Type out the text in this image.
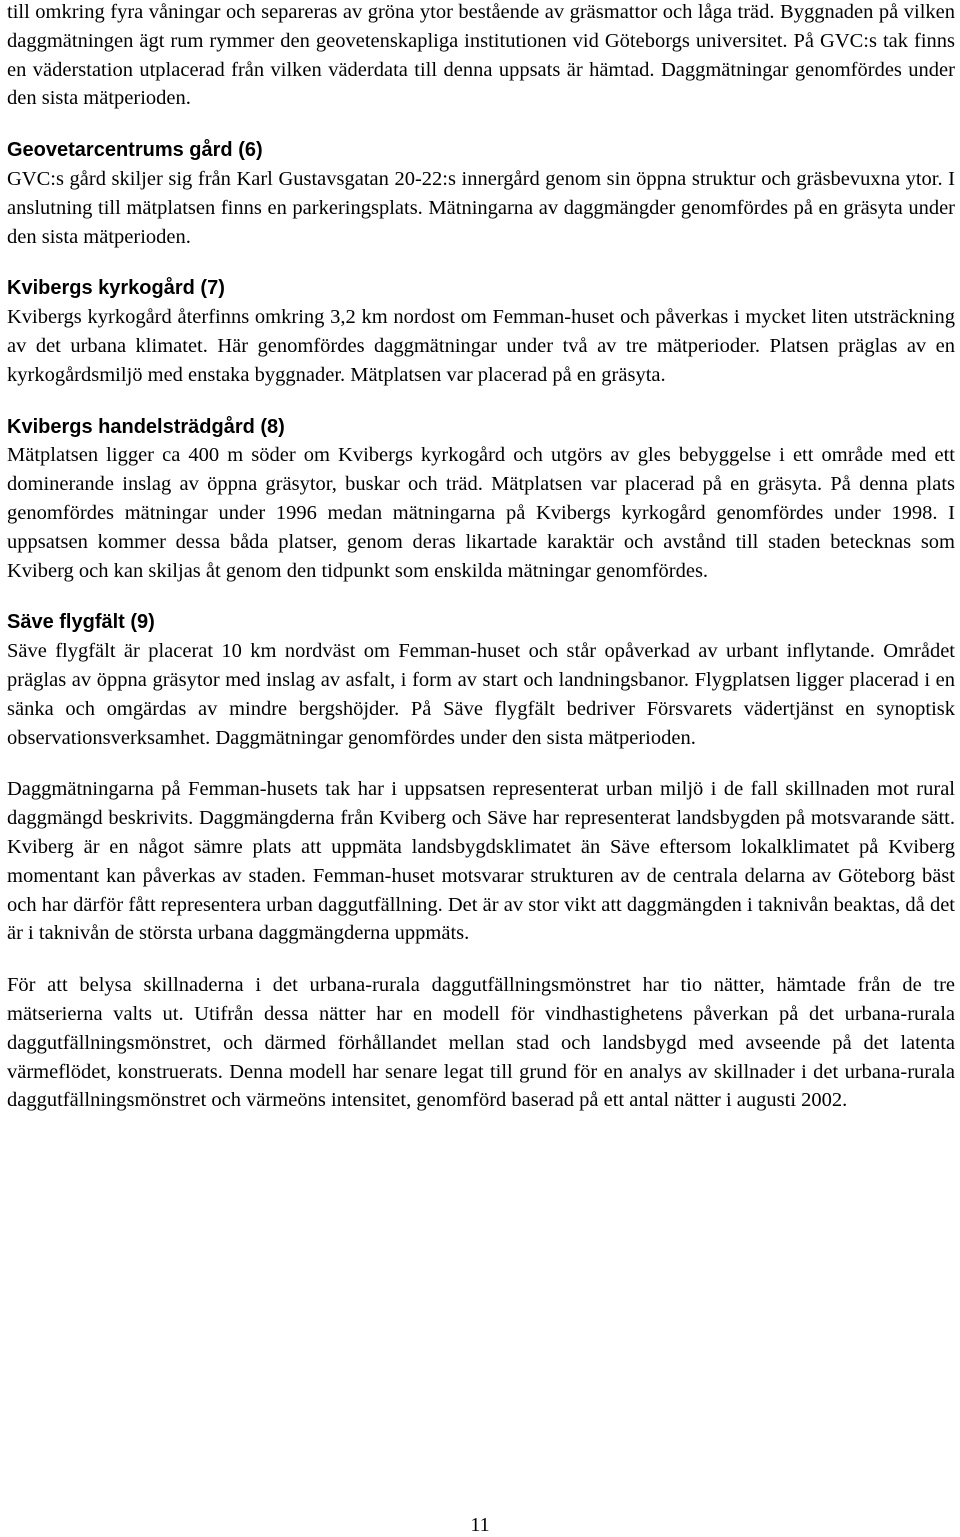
till omkring fyra våningar och separeras av gröna ytor bestående av gräsmattor och låga träd. Byggnaden på vilken daggmätningen ägt rum rymmer den geovetenskapliga institutionen vid Göteborgs universitet. På GVC:s tak finns en väderstation utplacerad från vilken väderdata till denna uppsats är hämtad. Daggmätningar genomfördes under den sista mätperioden.

Geovetarcentrums gård (6)

GVC:s gård skiljer sig från Karl Gustavsgatan 20-22:s innergård genom sin öppna struktur och gräsbevuxna ytor. I anslutning till mätplatsen finns en parkeringsplats. Mätningarna av daggmängder genomfördes på en gräsyta under den sista mätperioden.

Kvibergs kyrkogård (7)

Kvibergs kyrkogård återfinns omkring 3,2 km nordost om Femman-huset och påverkas i mycket liten utsträckning av det urbana klimatet. Här genomfördes daggmätningar under två av tre mätperioder. Platsen präglas av en kyrkogårdsmiljö med enstaka byggnader. Mätplatsen var placerad på en gräsyta.

Kvibergs handelsträdgård (8)

Mätplatsen ligger ca 400 m söder om Kvibergs kyrkogård och utgörs av gles bebyggelse i ett område med ett dominerande inslag av öppna gräsytor, buskar och träd. Mätplatsen var placerad på en gräsyta. På denna plats genomfördes mätningar under 1996 medan mätningarna på Kvibergs kyrkogård genomfördes under 1998. I uppsatsen kommer dessa båda platser, genom deras likartade karaktär och avstånd till staden betecknas som Kviberg och kan skiljas åt genom den tidpunkt som enskilda mätningar genomfördes.

Säve flygfält (9)

Säve flygfält är placerat 10 km nordväst om Femman-huset och står opåverkad av urbant inflytande. Området präglas av öppna gräsytor med inslag av asfalt, i form av start och landningsbanor. Flygplatsen ligger placerad i en sänka och omgärdas av mindre bergshöjder. På Säve flygfält bedriver Försvarets vädertjänst en synoptisk observationsverksamhet. Daggmätningar genomfördes under den sista mätperioden.

Daggmätningarna på Femman-husets tak har i uppsatsen representerat urban miljö i de fall skillnaden mot rural daggmängd beskrivits. Daggmängderna från Kviberg och Säve har representerat landsbygden på motsvarande sätt. Kviberg är en något sämre plats att uppmäta landsbygdsklimatet än Säve eftersom lokalklimatet på Kviberg momentant kan påverkas av staden. Femman-huset motsvarar strukturen av de centrala delarna av Göteborg bäst och har därför fått representera urban daggutfällning. Det är av stor vikt att daggmängden i taknivån beaktas, då det är i taknivån de största urbana daggmängderna uppmäts.

För att belysa skillnaderna i det urbana-rurala daggutfällningsmönstret har tio nätter, hämtade från de tre mätserierna valts ut. Utifrån dessa nätter har en modell för vindhastighetens påverkan på det urbana-rurala daggutfällningsmönstret, och därmed förhållandet mellan stad och landsbygd med avseende på det latenta värmeflödet, konstruerats. Denna modell har senare legat till grund för en analys av skillnader i det urbana-rurala daggutfällningsmönstret och värmeöns intensitet, genomförd baserad på ett antal nätter i augusti 2002.

11
